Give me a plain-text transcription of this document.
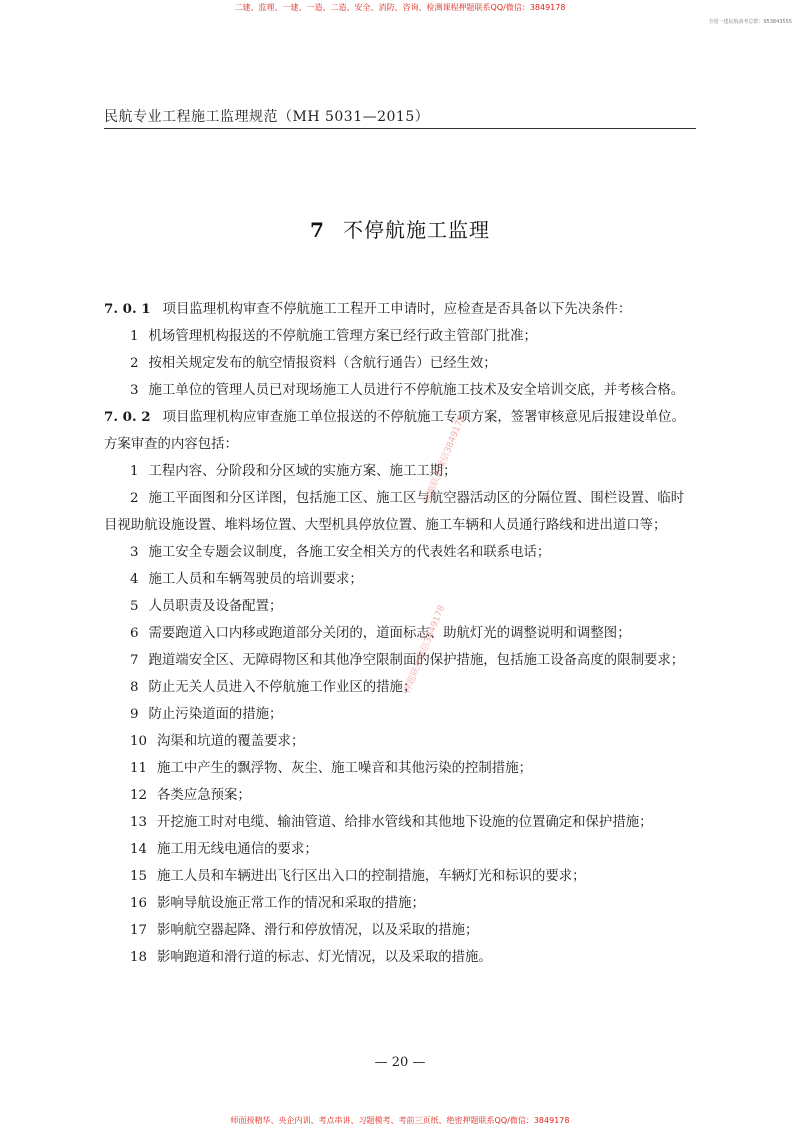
二建、监理、一建、一造、二造、安全、消防、咨询、检测课程押题联系QQ/微信：3849178
全国一建民航备考总群：953843555
民航专业工程施工监理规范（MH 5031—2015）
7 不停航施工监理

7. 0. 1 项目监理机构审查不停航施工工程开工申请时，应检查是否具备以下先决条件：

1 机场管理机构报送的不停航施工管理方案已经行政主管部门批准；

2 按相关规定发布的航空情报资料（含航行通告）已经生效；

3 施工单位的管理人员已对现场施工人员进行不停航施工技术及安全培训交底，并考核合格。

7. 0. 2 项目监理机构应审查施工单位报送的不停航施工专项方案，签署审核意见后报建设单位。方案审查的内容包括：

1 工程内容、分阶段和分区域的实施方案、施工工期；

2 施工平面图和分区详图，包括施工区、施工区与航空器活动区的分隔位置、围栏设置、临时目视助航设施设置、堆料场位置、大型机具停放位置、施工车辆和人员通行路线和进出道口等；

3 施工安全专题会议制度，各施工安全相关方的代表姓名和联系电话；

4 施工人员和车辆驾驶员的培训要求；

5 人员职责及设备配置；

6 需要跑道入口内移或跑道部分关闭的，道面标志、助航灯光的调整说明和调整图；

7 跑道端安全区、无障碍物区和其他净空限制面的保护措施，包括施工设备高度的限制要求；

8 防止无关人员进入不停航施工作业区的措施；

9 防止污染道面的措施；

10 沟渠和坑道的覆盖要求；

11 施工中产生的飘浮物、灰尘、施工噪音和其他污染的控制措施；

12 各类应急预案；

13 开挖施工时对电缆、输油管道、给排水管线和其他地下设施的位置确定和保护措施；

14 施工用无线电通信的要求；

15 施工人员和车辆进出飞行区出入口的控制措施，车辆灯光和标识的要求；

16 影响导航设施正常工作的情况和采取的措施；

17 影响航空器起降、滑行和停放情况，以及采取的措施；

18 影响跑道和滑行道的标志、灯光情况，以及采取的措施。

押题联系微信3849178
押题联系微信3849178
— 20 —
师面授精华、央企内训、考点串讲、习题模考、考前三页纸、绝密押题联系QQ/微信：3849178
